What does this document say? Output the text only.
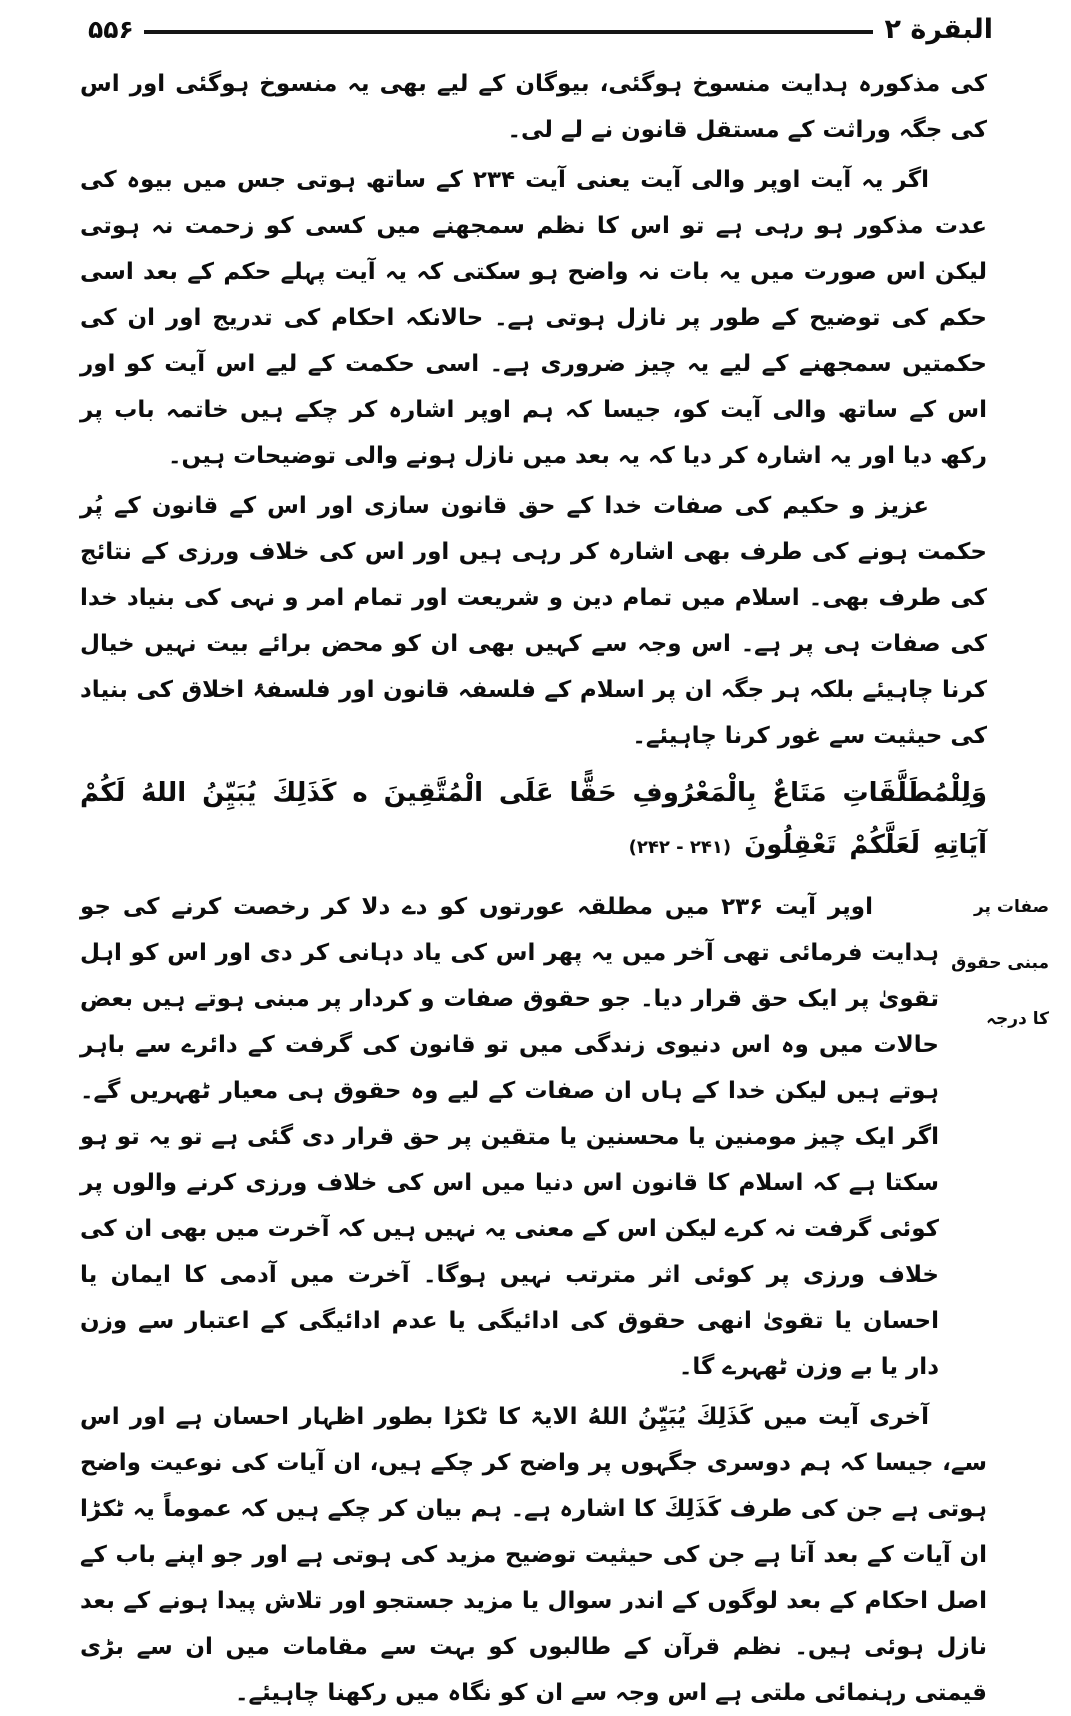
البقرة ۲
۵۵۶

کی مذکورہ ہدایت منسوخ ہوگئی، بیوگان کے لیے بھی یہ منسوخ ہوگئی اور اس کی جگہ وراثت کے مستقل قانون نے لے لی۔

اگر یہ آیت اوپر والی آیت یعنی آیت ۲۳۴ کے ساتھ ہوتی جس میں بیوہ کی عدت مذکور ہو رہی ہے تو اس کا نظم سمجھنے میں کسی کو زحمت نہ ہوتی لیکن اس صورت میں یہ بات نہ واضح ہو سکتی کہ یہ آیت پہلے حکم کے بعد اسی حکم کی توضیح کے طور پر نازل ہوتی ہے۔ حالانکہ احکام کی تدریج اور ان کی حکمتیں سمجھنے کے لیے یہ چیز ضروری ہے۔ اسی حکمت کے لیے اس آیت کو اور اس کے ساتھ والی آیت کو، جیسا کہ ہم اوپر اشارہ کر چکے ہیں خاتمہ باب پر رکھ دیا اور یہ اشارہ کر دیا کہ یہ بعد میں نازل ہونے والی توضیحات ہیں۔

عزیز و حکیم کی صفات خدا کے حق قانون سازی اور اس کے قانون کے پُر حکمت ہونے کی طرف بھی اشارہ کر رہی ہیں اور اس کی خلاف ورزی کے نتائج کی طرف بھی۔ اسلام میں تمام دین و شریعت اور تمام امر و نہی کی بنیاد خدا کی صفات ہی پر ہے۔ اس وجہ سے کہیں بھی ان کو محض برائے بیت نہیں خیال کرنا چاہیئے بلکہ ہر جگہ ان پر اسلام کے فلسفہ قانون اور فلسفۂ اخلاق کی بنیاد کی حیثیت سے غور کرنا چاہیئے۔

وَلِلْمُطَلَّقَاتِ مَتَاعٌ بِالْمَعْرُوفِ حَقًّا عَلَى الْمُتَّقِينَ ه كَذَلِكَ يُبَيِّنُ اللهُ لَكُمْ آيَاتِهِ لَعَلَّكُمْ تَعْقِلُونَ (۲۴۱ - ۲۴۲)

صفات پر
مبنی حقوق
کا درجہ

اوپر آیت ۲۳۶ میں مطلقہ عورتوں کو دے دلا کر رخصت کرنے کی جو ہدایت فرمائی تھی آخر میں یہ پھر اس کی یاد دہانی کر دی اور اس کو اہل تقویٰ پر ایک حق قرار دیا۔ جو حقوق صفات و کردار پر مبنی ہوتے ہیں بعض حالات میں وہ اس دنیوی زندگی میں تو قانون کی گرفت کے دائرے سے باہر ہوتے ہیں لیکن خدا کے ہاں ان صفات کے لیے وہ حقوق ہی معیار ٹھہریں گے۔ اگر ایک چیز مومنین یا محسنین یا متقین پر حق قرار دی گئی ہے تو یہ تو ہو سکتا ہے کہ اسلام کا قانون اس دنیا میں اس کی خلاف ورزی کرنے والوں پر کوئی گرفت نہ کرے لیکن اس کے معنی یہ نہیں ہیں کہ آخرت میں بھی ان کی خلاف ورزی پر کوئی اثر مترتب نہیں ہوگا۔ آخرت میں آدمی کا ایمان یا احسان یا تقویٰ انھی حقوق کی ادائیگی یا عدم ادائیگی کے اعتبار سے وزن دار یا بے وزن ٹھہرے گا۔

آخری آیت میں كَذَلِكَ يُبَيِّنُ اللهُ الایۃ کا ٹکڑا بطور اظہار احسان ہے اور اس سے، جیسا کہ ہم دوسری جگہوں پر واضح کر چکے ہیں، ان آیات کی نوعیت واضح ہوتی ہے جن کی طرف كَذَلِكَ کا اشارہ ہے۔ ہم بیان کر چکے ہیں کہ عموماً یہ ٹکڑا ان آیات کے بعد آتا ہے جن کی حیثیت توضیح مزید کی ہوتی ہے اور جو اپنے باب کے اصل احکام کے بعد لوگوں کے اندر سوال یا مزید جستجو اور تلاش پیدا ہونے کے بعد نازل ہوئی ہیں۔ نظم قرآن کے طالبوں کو بہت سے مقامات میں ان سے بڑی قیمتی رہنمائی ملتی ہے اس وجہ سے ان کو نگاہ میں رکھنا چاہیئے۔
